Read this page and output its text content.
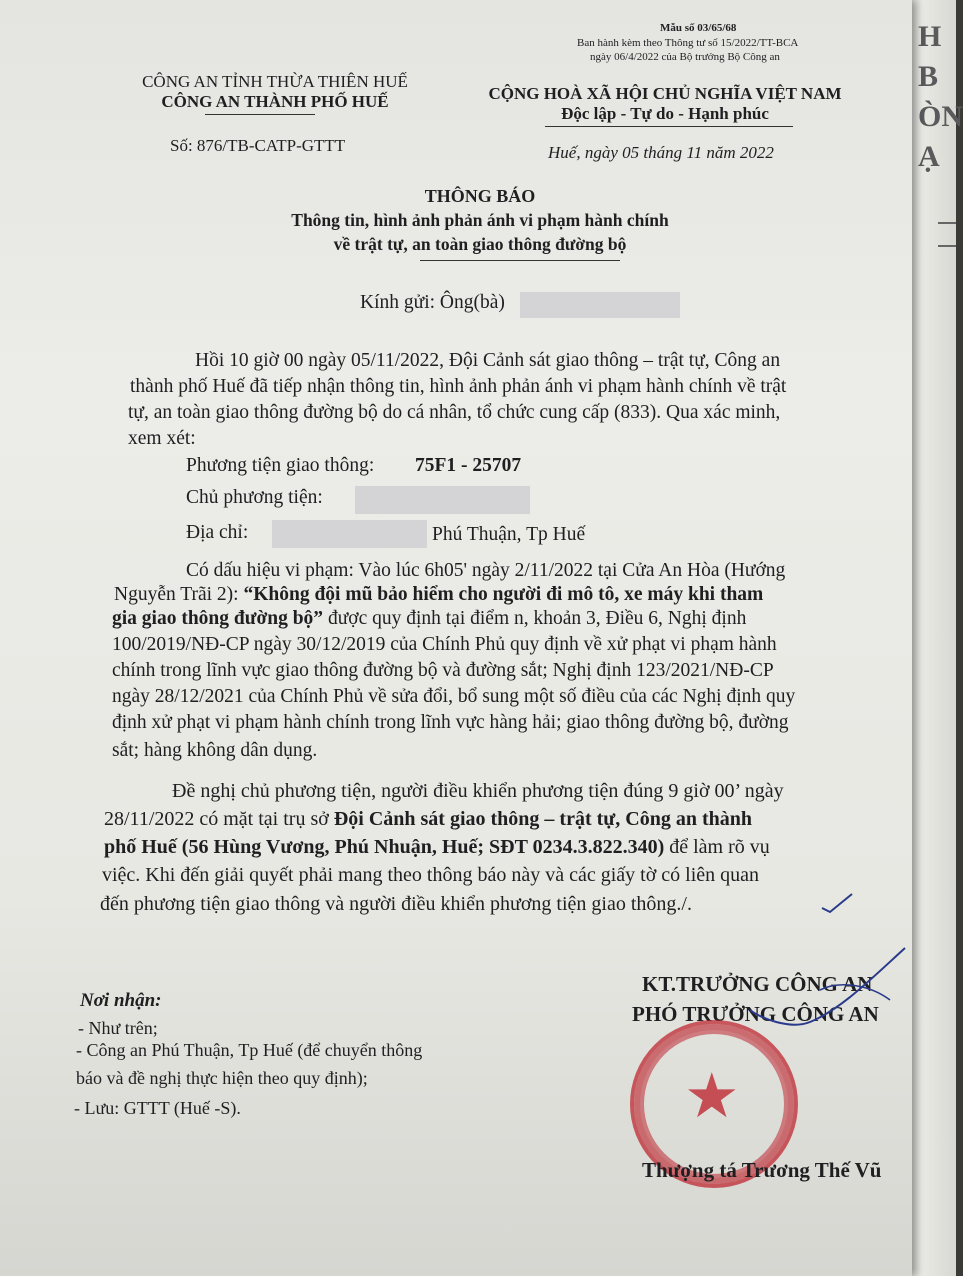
H
B
ÒN
Ạ
Mẫu số 03/65/68
Ban hành kèm theo Thông tư số 15/2022/TT-BCA
ngày 06/4/2022 của Bộ trưởng Bộ Công an
CÔNG AN TỈNH THỪA THIÊN HUẾ
CÔNG AN THÀNH PHỐ HUẾ
Số: 876/TB-CATP-GTTT
CỘNG HOÀ XÃ HỘI CHỦ NGHĨA VIỆT NAM
Độc lập - Tự do - Hạnh phúc
Huế, ngày 05 tháng 11 năm 2022
THÔNG BÁO
Thông tin, hình ảnh phản ánh vi phạm hành chính
về trật tự, an toàn giao thông đường bộ
Kính gửi: Ông(bà)
Hồi 10 giờ 00 ngày 05/11/2022, Đội Cảnh sát giao thông – trật tự, Công an
thành phố Huế đã tiếp nhận thông tin, hình ảnh phản ánh vi phạm hành chính về trật
tự, an toàn giao thông đường bộ do cá nhân, tổ chức cung cấp (833). Qua xác minh,
xem xét:
Phương tiện giao thông: 75F1 - 25707
Chủ phương tiện:
Địa chỉ:	Phú Thuận, Tp Huế
Có dấu hiệu vi phạm: Vào lúc 6h05' ngày 2/11/2022 tại Cửa An Hòa (Hướng
Nguyễn Trãi 2): “Không đội mũ bảo hiểm cho người đi mô tô, xe máy khi tham
gia giao thông đường bộ” được quy định tại điểm n, khoản 3, Điều 6, Nghị định
100/2019/NĐ-CP ngày 30/12/2019 của Chính Phủ quy định về xử phạt vi phạm hành
chính trong lĩnh vực giao thông đường bộ và đường sắt; Nghị định 123/2021/NĐ-CP
ngày 28/12/2021 của Chính Phủ về sửa đổi, bổ sung một số điều của các Nghị định quy
định xử phạt vi phạm hành chính trong lĩnh vực hàng hải; giao thông đường bộ, đường
sắt; hàng không dân dụng.
Đề nghị chủ phương tiện, người điều khiển phương tiện đúng 9 giờ 00’ ngày
28/11/2022 có mặt tại trụ sở Đội Cảnh sát giao thông – trật tự, Công an thành
phố Huế (56 Hùng Vương, Phú Nhuận, Huế; SĐT 0234.3.822.340) để làm rõ vụ
việc. Khi đến giải quyết phải mang theo thông báo này và các giấy tờ có liên quan
đến phương tiện giao thông và người điều khiển phương tiện giao thông./.
Nơi nhận:
- Như trên;
- Công an Phú Thuận, Tp Huế (để chuyển thông
báo và đề nghị thực hiện theo quy định);
- Lưu: GTTT (Huế -S).
KT.TRƯỞNG CÔNG AN
PHÓ TRƯỞNG CÔNG AN
★
Thượng tá Trương Thế Vũ
